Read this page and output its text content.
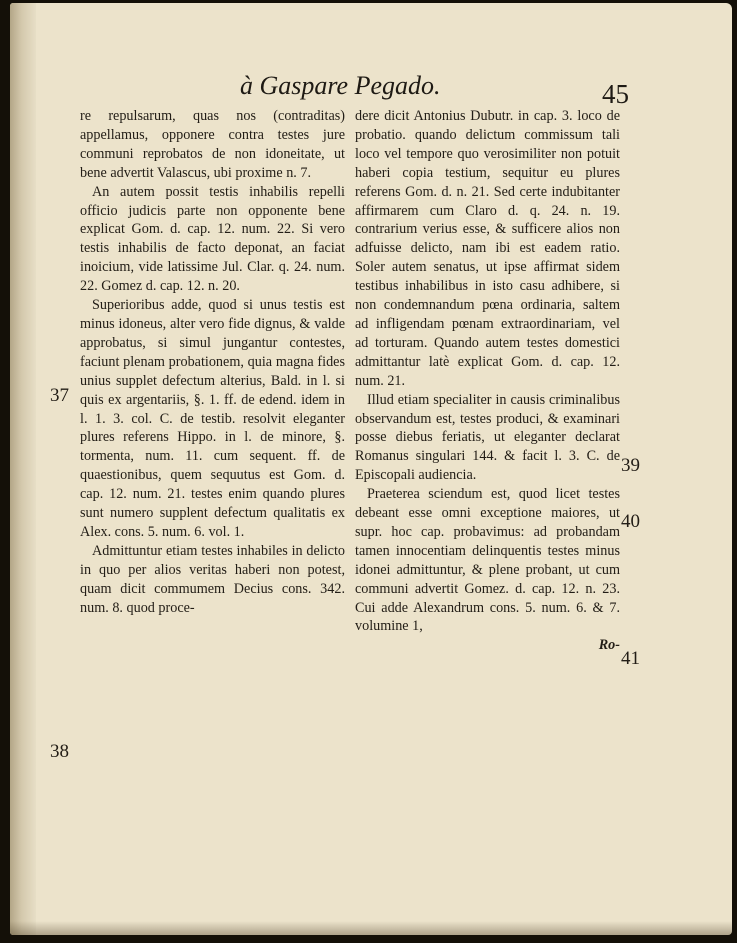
à Gaspare Pegado.	45

re repulsarum, quas nos (contraditas) appellamus, opponere contra testes jure communi reprobatos de non idoneitate, ut bene advertit Valascus, ubi proxime n. 7.

An autem possit testis inhabilis repelli officio judicis parte non opponente bene explicat Gom. d. cap. 12. num. 22. Si vero testis inhabilis de facto deponat, an faciat inoicium, vide latissime Jul. Clar. q. 24. num. 22. Gomez d. cap. 12. n. 20.

Superioribus adde, quod si unus testis est minus idoneus, alter vero fide dignus, & valde approbatus, si simul jungantur contestes, faciunt plenam probationem, quia magna fides unius supplet defectum alterius, Bald. in l. si quis ex argentariis, §. 1. ff. de edend. idem in l. 1. 3. col. C. de testib. resolvit eleganter plures referens Hippo. in l. de minore, §. tormenta, num. 11. cum sequent. ff. de quaestionibus, quem sequutus est Gom. d. cap. 12. num. 21. testes enim quando plures sunt numero supplent defectum qualitatis ex Alex. cons. 5. num. 6. vol. 1.

Admittuntur etiam testes inhabiles in delicto in quo per alios veritas haberi non potest, quam dicit commumem Decius cons. 342. num. 8. quod proce-

dere dicit Antonius Dubutr. in cap. 3. loco de probatio. quando delictum commissum tali loco vel tempore quo verosimiliter non potuit haberi copia testium, sequitur eu plures referens Gom. d. n. 21. Sed certe indubitanter affirmarem cum Claro d. q. 24. n. 19. contrarium verius esse, & sufficere alios non adfuisse delicto, nam ibi est eadem ratio. Soler autem senatus, ut ipse affirmat sidem testibus inhabilibus in isto casu adhibere, si non condemnandum pœna ordinaria, saltem ad infligendam pœnam extraordinariam, vel ad torturam. Quando autem testes domestici admittantur latè explicat Gom. d. cap. 12. num. 21.

Illud etiam specialiter in causis criminalibus observandum est, testes produci, & examinari posse diebus feriatis, ut eleganter declarat Romanus singulari 144. & facit l. 3. C. de Episcopali audiencia.

Praeterea sciendum est, quod licet testes debeant esse omni exceptione maiores, ut supr. hoc cap. probavimus: ad probandam tamen innocentiam delinquentis testes minus idonei admittuntur, & plene probant, ut cum communi advertit Gomez. d. cap. 12. n. 23. Cui adde Alexandrum cons. 5. num. 6. & 7. volumine 1,

Ro-
37
38
39
40
41
